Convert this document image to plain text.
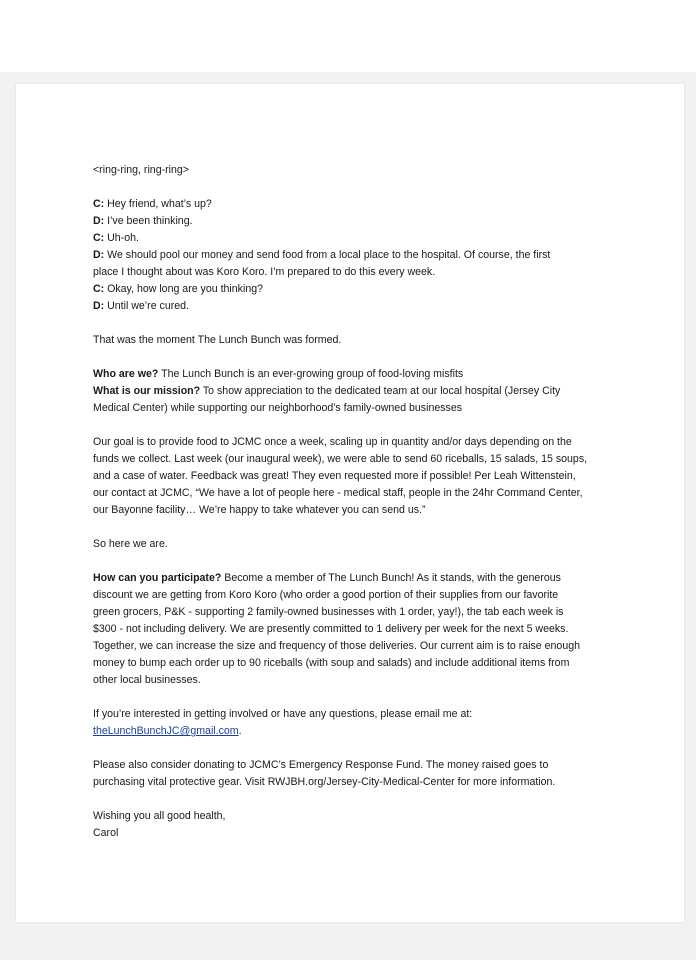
<ring-ring, ring-ring>
C: Hey friend, what’s up?
D: I’ve been thinking.
C: Uh-oh.
D: We should pool our money and send food from a local place to the hospital. Of course, the first
place I thought about was Koro Koro. I’m prepared to do this every week.
C: Okay, how long are you thinking?
D: Until we’re cured.
That was the moment The Lunch Bunch was formed.
Who are we? The Lunch Bunch is an ever-growing group of food-loving misfits
What is our mission? To show appreciation to the dedicated team at our local hospital (Jersey City
Medical Center) while supporting our neighborhood’s family-owned businesses
Our goal is to provide food to JCMC once a week, scaling up in quantity and/or days depending on the
funds we collect. Last week (our inaugural week), we were able to send 60 riceballs, 15 salads, 15 soups,
and a case of water. Feedback was great! They even requested more if possible! Per Leah Wittenstein,
our contact at JCMC, “We have a lot of people here - medical staff, people in the 24hr Command Center,
our Bayonne facility… We’re happy to take whatever you can send us.”
So here we are.
How can you participate? Become a member of The Lunch Bunch! As it stands, with the generous
discount we are getting from Koro Koro (who order a good portion of their supplies from our favorite
green grocers, P&K - supporting 2 family-owned businesses with 1 order, yay!), the tab each week is
$300 - not including delivery. We are presently committed to 1 delivery per week for the next 5 weeks.
Together, we can increase the size and frequency of those deliveries. Our current aim is to raise enough
money to bump each order up to 90 riceballs (with soup and salads) and include additional items from
other local businesses.
If you’re interested in getting involved or have any questions, please email me at:
theLunchBunchJC@gmail.com.
Please also consider donating to JCMC’s Emergency Response Fund. The money raised goes to
purchasing vital protective gear. Visit RWJBH.org/Jersey-City-Medical-Center for more information.
Wishing you all good health,
Carol
